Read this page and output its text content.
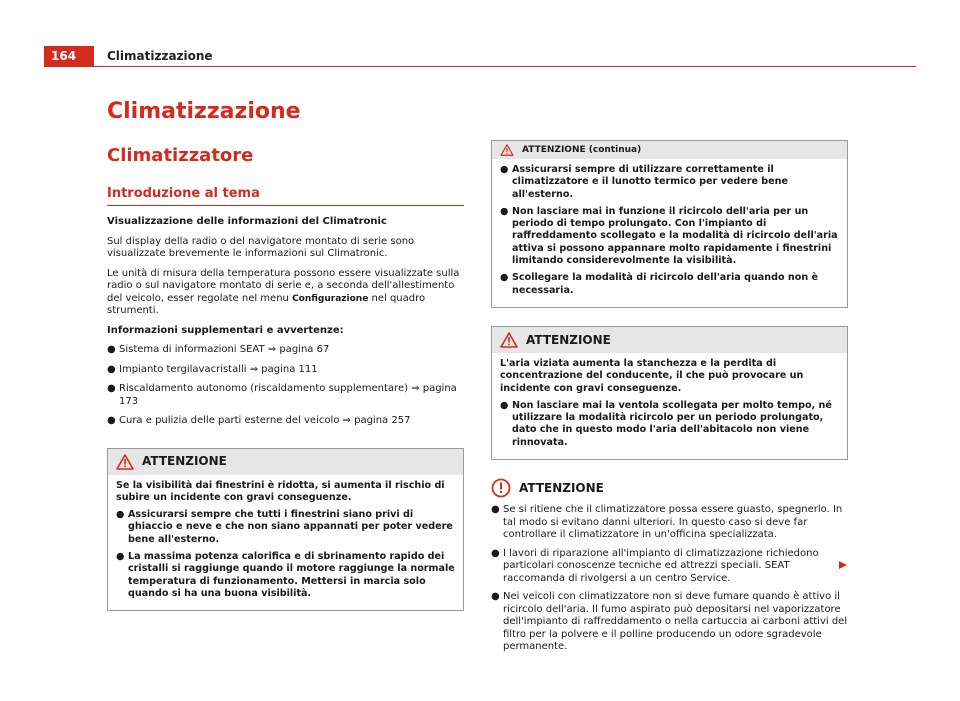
164	Climatizzazione
Climatizzazione
Climatizzatore
Introduzione al tema

Visualizzazione delle informazioni del Climatronic

Sul display della radio o del navigatore montato di serie sono visualizzate brevemente le informazioni sul Climatronic.

Le unità di misura della temperatura possono essere visualizzate sulla radio o sul navigatore montato di serie e, a seconda dell'allestimento del veicolo, esser regolate nel menu Configurazione nel quadro strumenti.

Informazioni supplementari e avvertenze:

● Sistema di informazioni SEAT ⇒ pagina 67
● Impianto tergilavacristalli ⇒ pagina 111
● Riscaldamento autonomo (riscaldamento supplementare) ⇒ pagina 173
● Cura e pulizia delle parti esterne del veicolo ⇒ pagina 257
ATTENZIONE

Se la visibilità dai finestrini è ridotta, si aumenta il rischio di subire un incidente con gravi conseguenze.

● Assicurarsi sempre che tutti i finestrini siano privi di ghiaccio e neve e che non siano appannati per poter vedere bene all'esterno.
● La massima potenza calorifica e di sbrinamento rapido dei cristalli si raggiunge quando il motore raggiunge la normale temperatura di funzionamento. Mettersi in marcia solo quando si ha una buona visibilità.
ATTENZIONE (continua)
● Assicurarsi sempre di utilizzare correttamente il climatizzatore e il lunotto termico per vedere bene all'esterno.
● Non lasciare mai in funzione il ricircolo dell'aria per un periodo di tempo prolungato. Con l'impianto di raffreddamento scollegato e la modalità di ricircolo dell'aria attiva si possono appannare molto rapidamente i finestrini limitando considerevolmente la visibilità.
● Scollegare la modalità di ricircolo dell'aria quando non è necessaria.
ATTENZIONE

L'aria viziata aumenta la stanchezza e la perdita di concentrazione del conducente, il che può provocare un incidente con gravi conseguenze.

● Non lasciare mai la ventola scollegata per molto tempo, né utilizzare la modalità ricircolo per un periodo prolungato, dato che in questo modo l'aria dell'abitacolo non viene rinnovata.
ATTENZIONE
● Se si ritiene che il climatizzatore possa essere guasto, spegnerlo. In tal modo si evitano danni ulteriori. In questo caso si deve far controllare il climatizzatore in un'officina specializzata.
● I lavori di riparazione all'impianto di climatizzazione richiedono particolari conoscenze tecniche ed attrezzi speciali. SEAT raccomanda di rivolgersi a un centro Service.
● Nei veicoli con climatizzatore non si deve fumare quando è attivo il ricircolo dell'aria. Il fumo aspirato può depositarsi nel vaporizzatore dell'impianto di raffreddamento o nella cartuccia ai carboni attivi del filtro per la polvere e il polline producendo un odore sgradevole permanente.
